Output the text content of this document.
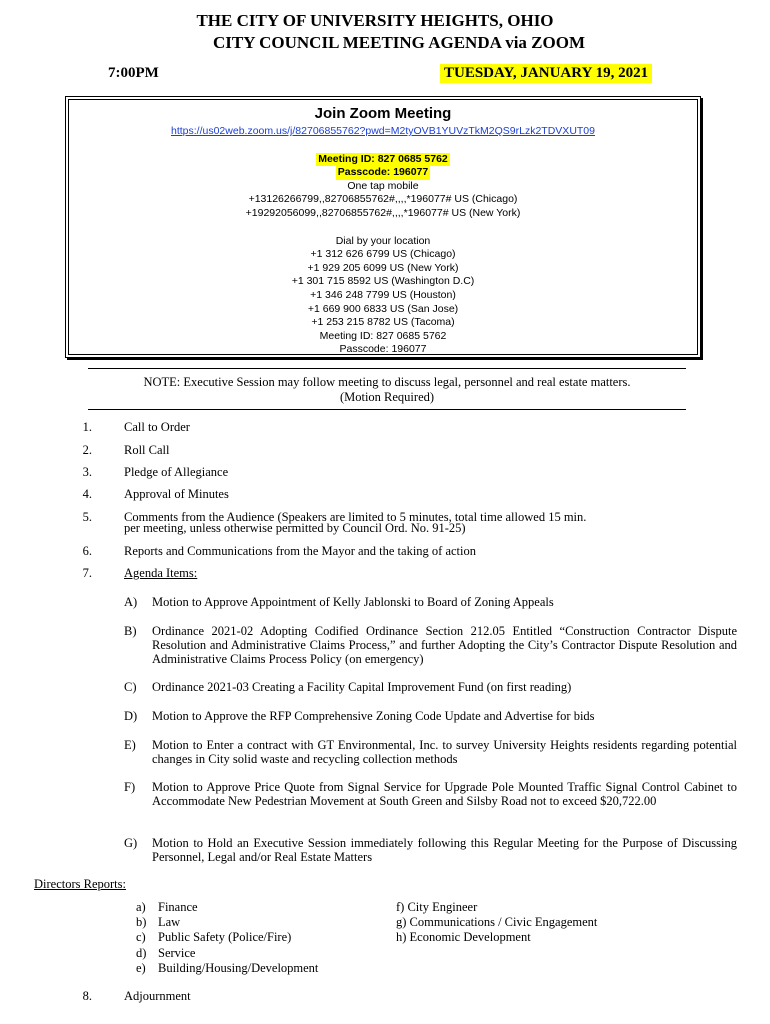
THE CITY OF UNIVERSITY HEIGHTS, OHIO
CITY COUNCIL MEETING AGENDA via ZOOM
7:00PM	TUESDAY, JANUARY 19, 2021
Join Zoom Meeting
https://us02web.zoom.us/j/82706855762?pwd=M2tyOVB1YUVzTkM2QS9rLzk2TDVXUT09
Meeting ID: 827 0685 5762
Passcode: 196077
One tap mobile
+13126266799,,82706855762#,,,,*196077# US (Chicago)
+19292056099,,82706855762#,,,,*196077# US (New York)
Dial by your location
+1 312 626 6799 US (Chicago)
+1 929 205 6099 US (New York)
+1 301 715 8592 US (Washington D.C)
+1 346 248 7799 US (Houston)
+1 669 900 6833 US (San Jose)
+1 253 215 8782 US (Tacoma)
Meeting ID: 827 0685 5762
Passcode: 196077
NOTE: Executive Session may follow meeting to discuss legal, personnel and real estate matters.
(Motion Required)
1.	Call to Order
2.	Roll Call
3.	Pledge of Allegiance
4.	Approval of Minutes
5.	Comments from the Audience (Speakers are limited to 5 minutes, total time allowed 15 min.
per meeting, unless otherwise permitted by Council Ord. No. 91-25)
6.	Reports and Communications from the Mayor and the taking of action
7.	Agenda Items:
A) Motion to Approve Appointment of Kelly Jablonski to Board of Zoning Appeals
B) Ordinance 2021-02 Adopting Codified Ordinance Section 212.05 Entitled “Construction Contractor Dispute Resolution and Administrative Claims Process,” and further Adopting the City’s Contractor Dispute Resolution and Administrative Claims Process Policy (on emergency)
C) Ordinance 2021-03 Creating a Facility Capital Improvement Fund (on first reading)
D) Motion to Approve the RFP Comprehensive Zoning Code Update and Advertise for bids
E) Motion to Enter a contract with GT Environmental, Inc. to survey University Heights residents regarding potential changes in City solid waste and recycling collection methods
F) Motion to Approve Price Quote from Signal Service for Upgrade Pole Mounted Traffic Signal Control Cabinet to Accommodate New Pedestrian Movement at South Green and Silsby Road not to exceed $20,722.00
G) Motion to Hold an Executive Session immediately following this Regular Meeting for the Purpose of Discussing Personnel, Legal and/or Real Estate Matters
Directors Reports:
a) Finance
b) Law
c) Public Safety (Police/Fire)
d) Service
e) Building/Housing/Development
f) City Engineer
g) Communications / Civic Engagement
h) Economic Development
8.	Adjournment
